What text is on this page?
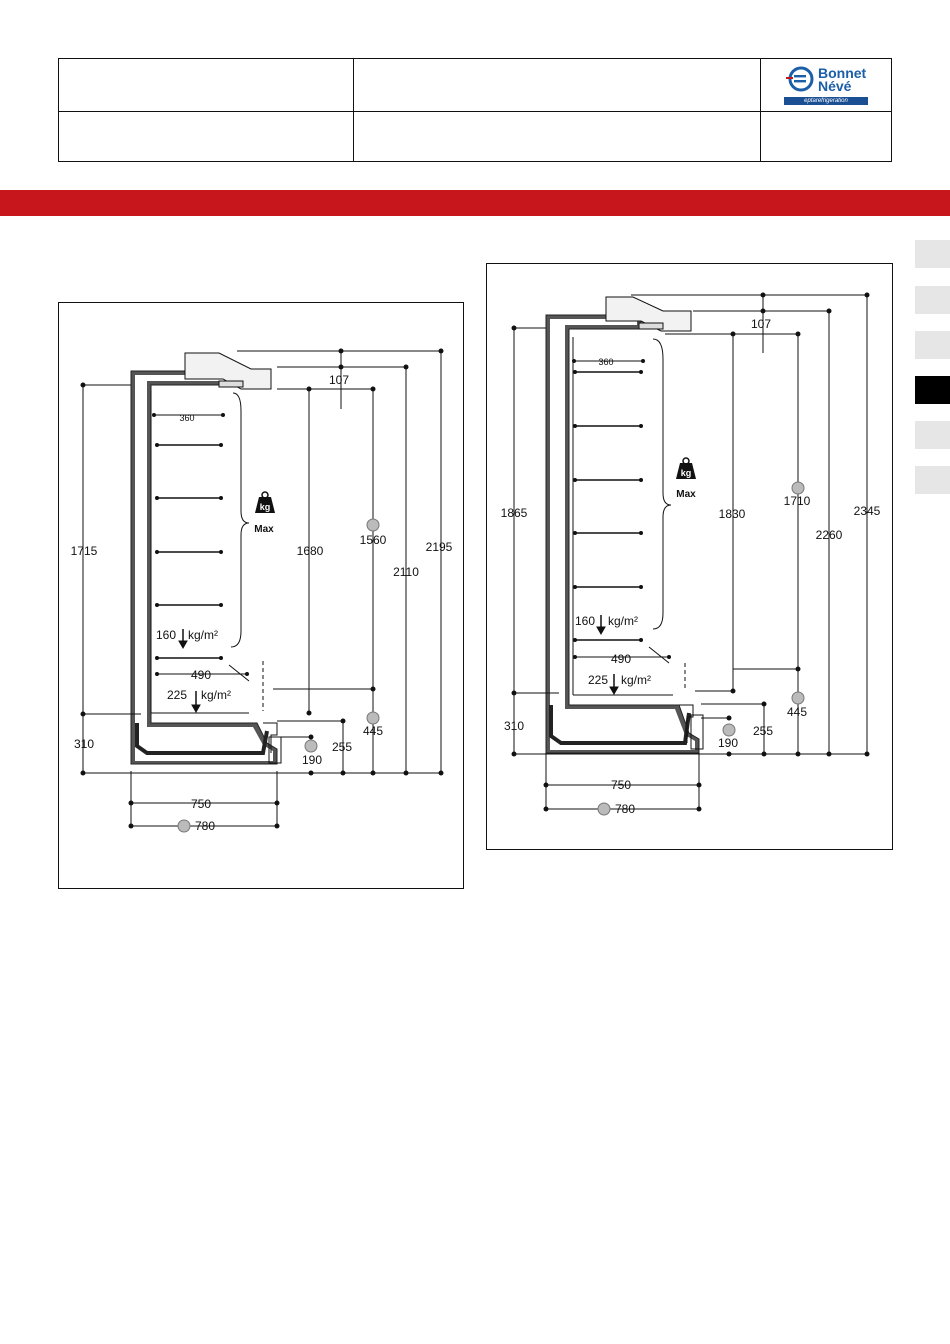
Bonnet
Névé
eptarefrigeration
kg
Max
107
360
1715	1680
1560
2110
2195
160 kg/m²
490
225 kg/m²
310
445
255
190
750
780
kg
Max
107
360
1865	1830
1710
2260
2345
160 kg/m²
490
225 kg/m²
310
445
255
190
750
780
